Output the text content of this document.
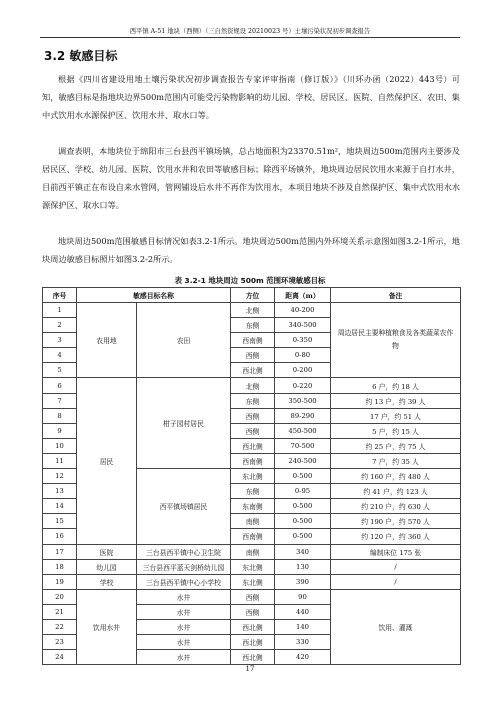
西平镇 A-51 地块（西侧）（三自然资规设 20210023 号）土壤污染状况初步调查报告
3.2 敏感目标

根据《四川省建设用地土壤污染状况初步调查报告专家评审指南（修订版）》（川环办函（2022）443号）可知，敏感目标是指地块边界500m范围内可能受污染物影响的幼儿园、学校、居民区、医院、自然保护区、农田、集中式饮用水水源保护区、饮用水井、取水口等。

调查表明，本地块位于绵阳市三台县西平镇场镇，总占地面积为23370.51m²，地块周边500m范围内主要涉及居民区、学校、幼儿园、医院、饮用水井和农田等敏感目标；除西平场镇外，地块周边居民饮用水来源于自打水井，目前西平镇正在布设自来水管网，管网铺设后水井不再作为饮用水，本项目地块不涉及自然保护区、集中式饮用水水源保护区、取水口等。

地块周边500m范围敏感目标情况如表3.2-1所示。地块周边500m范围内外环境关系示意图如图3.2-1所示，地块周边敏感目标照片如图3.2-2所示。

表 3.2-1 地块周边 500m 范围环境敏感目标
序号	敏感目标名称		方位	距离（m）	备注
1	农用地	农田	北侧	40-200	周边居民主要种植粮食及各类蔬菜农作物
2			东侧	340-500	
3			西南侧	0-350	
4			西侧	0-80	
5			西北侧	0-200	
6	居民	柑子园村居民	北侧	0-220	6 户，约 18 人
7			东侧	350-500	约 13 户，约 39 人
8			西侧	89-290	17 户，约 51 人
9			西侧	450-500	5 户，约 15 人
10			西北侧	70-500	约 25 户，约 75 人
11			西南侧	240-500	7 户，约 35 人
12		西平镇场镇居民	东北侧	0-500	约 160 户，约 480 人
13			东侧	0-95	约 41 户，约 123 人
14			东南侧	0-500	约 210 户，约 630 人
15			南侧	0-500	约 190 户，约 570 人
16			西南侧	0-500	约 120 户，约 360 人
17	医院	三台县西平镇中心卫生院	南侧	340	编制床位 175 张
18	幼儿园	三台县西平蓝天剑桥幼儿园	东北侧	130	/
19	学校	三台县西平镇中心小学校	东北侧	390	/
20	饮用水井	水井	西侧	90	饮用、灌溉
21		水井	西侧	440	
22		水井	西北侧	140	
23		水井	西北侧	330	
24		水井	西北侧	420	
17
